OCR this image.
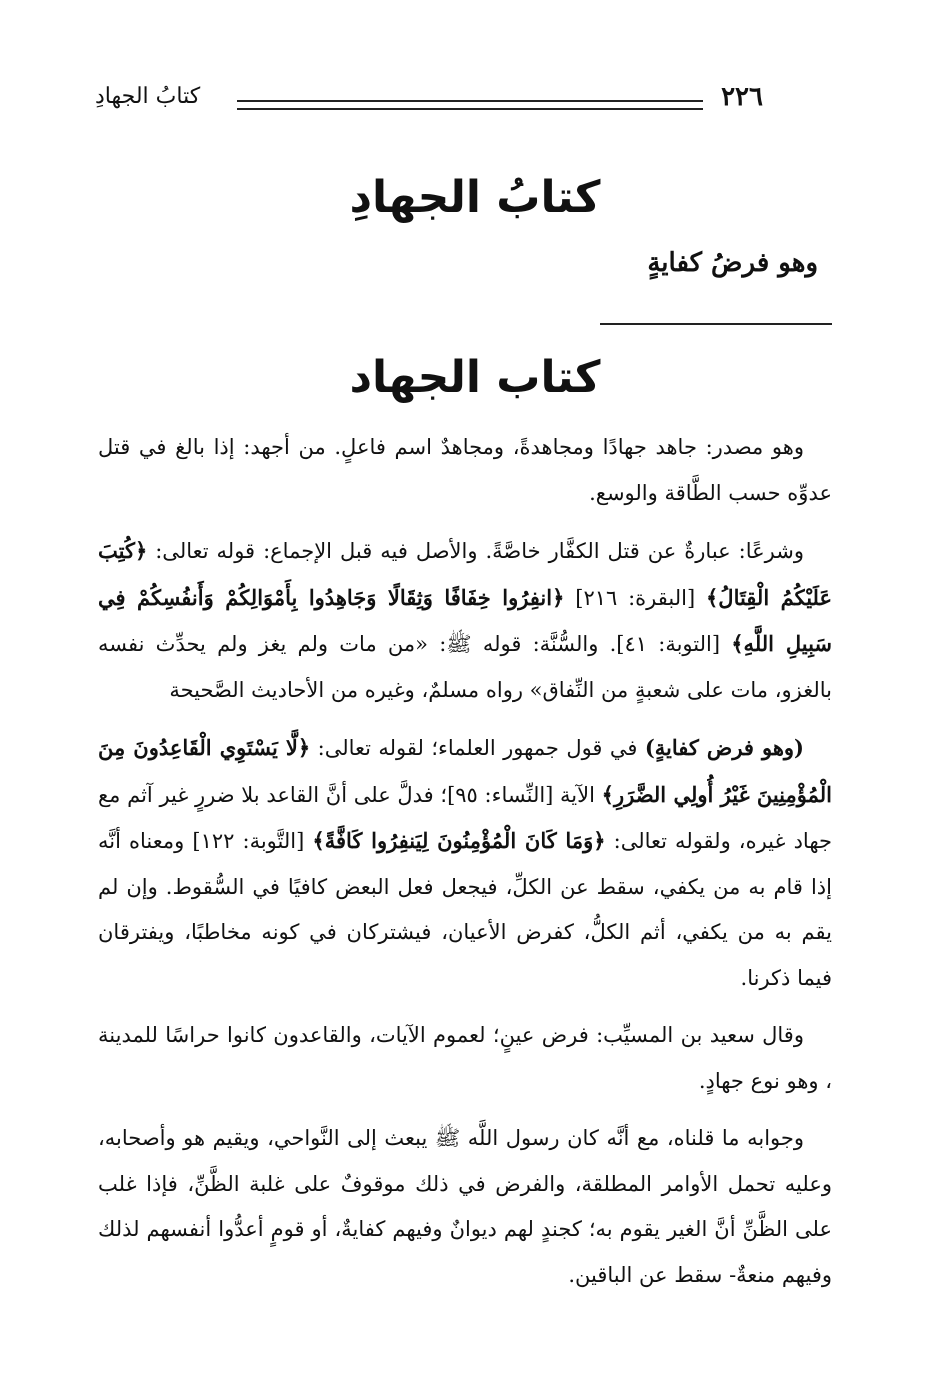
٢٢٦
كتابُ الجهادِ
كتابُ الجهادِ
وهو فرضُ كفايةٍ
كتاب الجهاد

وهو مصدر: جاهد جهادًا ومجاهدةً، ومجاهدٌ اسم فاعلٍ. من أجهد: إذا بالغ في قتل عدوِّه حسب الطَّاقة والوسع.

وشرعًا: عبارةٌ عن قتل الكفَّار خاصَّةً. والأصل فيه قبل الإجماع: قوله تعالى: ﴿كُتِبَ عَلَيْكُمُ الْقِتَالُ﴾ [البقرة: ٢١٦] ﴿انفِرُوا خِفَافًا وَثِقَالًا وَجَاهِدُوا بِأَمْوَالِكُمْ وَأَنفُسِكُمْ فِي سَبِيلِ اللَّهِ﴾ [التوبة: ٤١]. والسُّنَّة: قوله ﷺ: «من مات ولم يغز ولم يحدِّث نفسه بالغزو، مات على شعبةٍ من النِّفاق» رواه مسلمٌ، وغيره من الأحاديث الصَّحيحة

(وهو فرض كفايةٍ) في قول جمهور العلماء؛ لقوله تعالى: ﴿لَّا يَسْتَوِي الْقَاعِدُونَ مِنَ الْمُؤْمِنِينَ غَيْرُ أُولِي الضَّرَرِ﴾ الآية [النِّساء: ٩٥]؛ فدلَّ على أنَّ القاعد بلا ضررٍ غير آثم مع جهاد غيره، ولقوله تعالى: ﴿وَمَا كَانَ الْمُؤْمِنُونَ لِيَنفِرُوا كَافَّةً﴾ [التَّوبة: ١٢٢] ومعناه أنَّه إذا قام به من يكفي، سقط عن الكلِّ، فيجعل فعل البعض كافيًا في السُّقوط. وإن لم يقم به من يكفي، أثم الكلُّ، كفرض الأعيان، فيشتركان في كونه مخاطبًا، ويفترقان فيما ذكرنا.

وقال سعيد بن المسيِّب: فرض عينٍ؛ لعموم الآيات، والقاعدون كانوا حراسًا للمدينة ، وهو نوع جهادٍ.

وجوابه ما قلناه، مع أنَّه كان رسول اللَّه ﷺ يبعث إلى النَّواحي، ويقيم هو وأصحابه، وعليه تحمل الأوامر المطلقة، والفرض في ذلك موقوفٌ على غلبة الظَّنِّ، فإذا غلب على الظَّنِّ أنَّ الغير يقوم به؛ كجندٍ لهم ديوانٌ وفيهم كفايةٌ، أو قومٍ أعدُّوا أنفسهم لذلك وفيهم منعةٌ- سقط عن الباقين.
